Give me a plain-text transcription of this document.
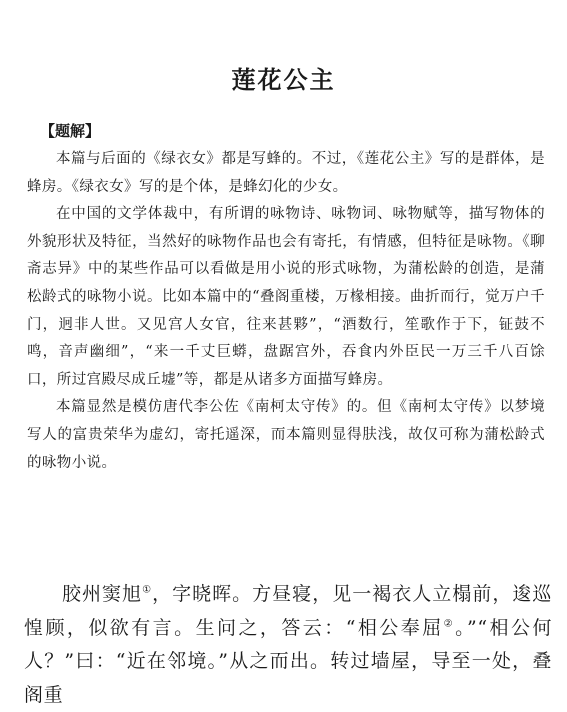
莲花公主
【题解】

本篇与后面的《绿衣女》都是写蜂的。不过，《莲花公主》写的是群体，是蜂房。《绿衣女》写的是个体，是蜂幻化的少女。

在中国的文学体裁中，有所谓的咏物诗、咏物词、咏物赋等，描写物体的外貌形状及特征，当然好的咏物作品也会有寄托，有情感，但特征是咏物。《聊斋志异》中的某些作品可以看做是用小说的形式咏物，为蒲松龄的创造，是蒲松龄式的咏物小说。比如本篇中的“叠阁重楼，万椽相接。曲折而行，觉万户千门，迥非人世。又见宫人女官，往来甚夥”，“酒数行，笙歌作于下，钲鼓不鸣，音声幽细”，“来一千丈巨蟒，盘踞宫外，吞食内外臣民一万三千八百馀口，所过宫殿尽成丘墟”等，都是从诸多方面描写蜂房。

本篇显然是模仿唐代李公佐《南柯太守传》的。但《南柯太守传》以梦境写人的富贵荣华为虚幻，寄托遥深，而本篇则显得肤浅，故仅可称为蒲松龄式的咏物小说。

胶州窦旭①，字晓晖。方昼寝，见一褐衣人立榻前，逡巡惶顾，似欲有言。生问之，答云：“相公奉屈②。”“相公何人？”曰：“近在邻境。”从之而出。转过墙屋，导至一处，叠阁重
